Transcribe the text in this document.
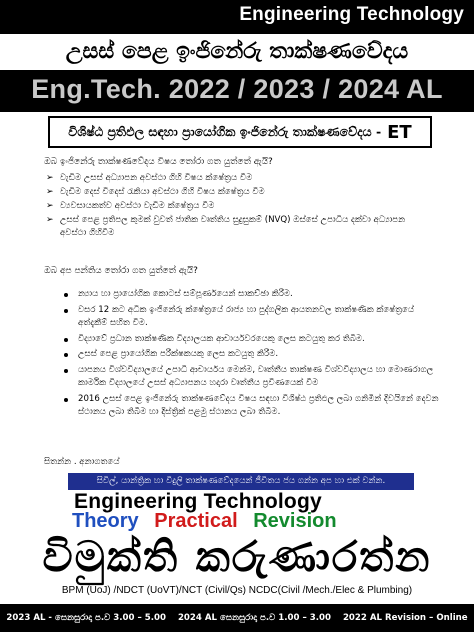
Engineering Technology
උසස් පෙළ ඉංජිනේරු තාක්ෂණවේදය
Eng.Tech. 2022 / 2023 / 2024 AL
විශිෂ්ඨ ප්‍රතිඵල සඳහා ප්‍රායෝගික ඉංජිනේරු තාක්ෂණවේදය - ET
ඔබ ඉංජිනේරු තාක්ෂණවේදය විෂය තෝරා ගත යුත්තේ ඇයි?
➢ වැඩිම උසස් අධ්‍යාපන අවස්ථා ගිහි විෂය ක්ෂේත්‍රය වීම
➢ වැඩිම දෙස් විදෙස් රැකියා අවස්ථා ගිහි විෂය ක්ෂේත්‍රය වීම
➢ ව්‍යවසායකත්ව අවස්ථා වැඩිම ක්ෂේත්‍රය වීම
➢ උසස් පෙළ ප්‍රතිපල කුමක් වුවත් ජාතික වෘත්තිය සුදුසුකම් (NVQ) ඔස්සේ උපාධිය දක්වා අධ්‍යාපන අවස්ථා ගිහිවීම
ඔබ අප පන්තිය තෝරා ගත යුත්තේ ඇයි?
න්‍යාය හා ප්‍රායෝගික කොටස් සම්පූර්ණයෙන් සාකච්ඡා කිරීම.
වසර 12 කට අධික ඉංජිනේරු ක්ෂේත්‍රයේ රාජ්‍ය හා පුද්ගලික ආයතනවල තාක්ෂණික ක්ෂේත්‍රයේ අත්දැකීම් සහිත වීම.
විද්‍යාවේ ප්‍රධාන තාක්ෂණික විද්‍යාලයක ආචාර්යවරයෙකු ලෙස කටයුතු කර තිබීම.
උසස් පෙළ ප්‍රායෝගික පරීක්ෂකයකු ලෙස කටයුතු කිරීම.
යාපනය විශ්වවිද්‍යාලයේ උපාධි ආචාර්යය මෙන්ම, වෘත්තීය තාක්ෂණ විශ්වවිද්‍යාලය හා මොණරාගල කාර්මික විද්‍යාලයේ උසස් අධ්‍යාපනය හදාරා වෘත්තීය ප්‍රවීණයෙක් වීම
2016 උසස් පෙළ ඉංජිනේරු තාක්ෂණවේදය විෂය සඳහා විශිෂ්ඨ ප්‍රතිඵල ලබා ගනිමින් දිවයිනේ දෙවන ස්ථානය ලබා තිබීම හා දිස්ත්‍රික් පළමු ස්ථානය ලබා තිබීම.
සිතන්න . අනාගතයේ
සිවිල්, යාන්ත්‍රික හා විදුලි තාක්ෂණවේදයෙන් ජීවිතය ජය ගන්න අප හා එක් වන්න.
Engineering Technology
Theory Practical Revision
විමුක්ති කරුණාරත්න
BPM (UoJ) /NDCT (UoVT)/NCT (Civil/Qs) NCDC(Civil /Mech./Elec & Plumbing)
2023 AL - සෙනසුරාදා ප.ව 3.00 – 5.00 2024 AL සෙනසුරාදා ප.ව 1.00 – 3.00 2022 AL Revision – Online
